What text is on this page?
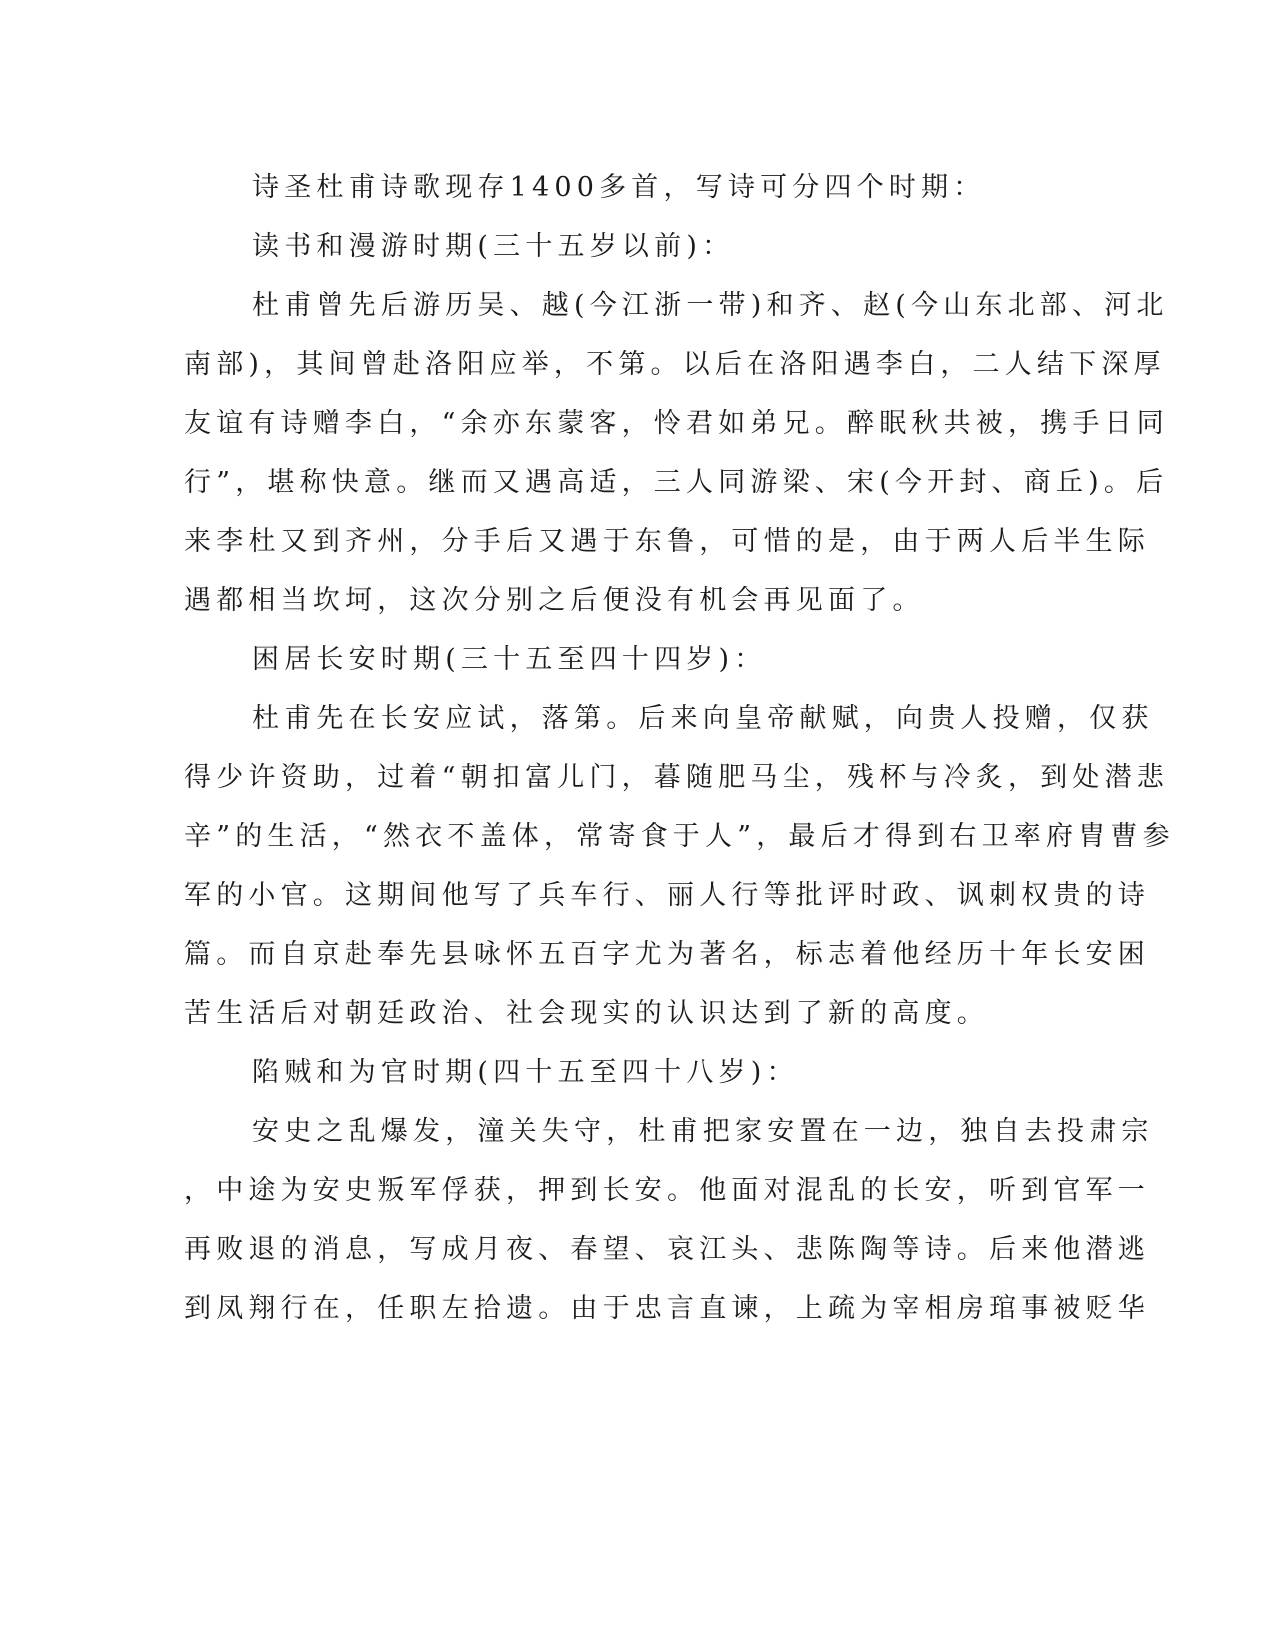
诗圣杜甫诗歌现存1400多首，写诗可分四个时期：
读书和漫游时期(三十五岁以前)：
杜甫曾先后游历吴、越(今江浙一带)和齐、赵(今山东北部、河北
南部)，其间曾赴洛阳应举，不第。以后在洛阳遇李白，二人结下深厚
友谊有诗赠李白，“余亦东蒙客，怜君如弟兄。醉眠秋共被，携手日同
行”，堪称快意。继而又遇高适，三人同游梁、宋(今开封、商丘)。后
来李杜又到齐州，分手后又遇于东鲁，可惜的是，由于两人后半生际
遇都相当坎坷，这次分别之后便没有机会再见面了。
困居长安时期(三十五至四十四岁)：
杜甫先在长安应试，落第。后来向皇帝献赋，向贵人投赠，仅获
得少许资助，过着“朝扣富儿门，暮随肥马尘，残杯与冷炙，到处潜悲
辛”的生活，“然衣不盖体，常寄食于人”，最后才得到右卫率府胄曹参
军的小官。这期间他写了兵车行、丽人行等批评时政、讽刺权贵的诗
篇。而自京赴奉先县咏怀五百字尤为著名，标志着他经历十年长安困
苦生活后对朝廷政治、社会现实的认识达到了新的高度。
陷贼和为官时期(四十五至四十八岁)：
安史之乱爆发，潼关失守，杜甫把家安置在一边，独自去投肃宗
，中途为安史叛军俘获，押到长安。他面对混乱的长安，听到官军一
再败退的消息，写成月夜、春望、哀江头、悲陈陶等诗。后来他潜逃
到凤翔行在，任职左拾遗。由于忠言直谏，上疏为宰相房琯事被贬华
